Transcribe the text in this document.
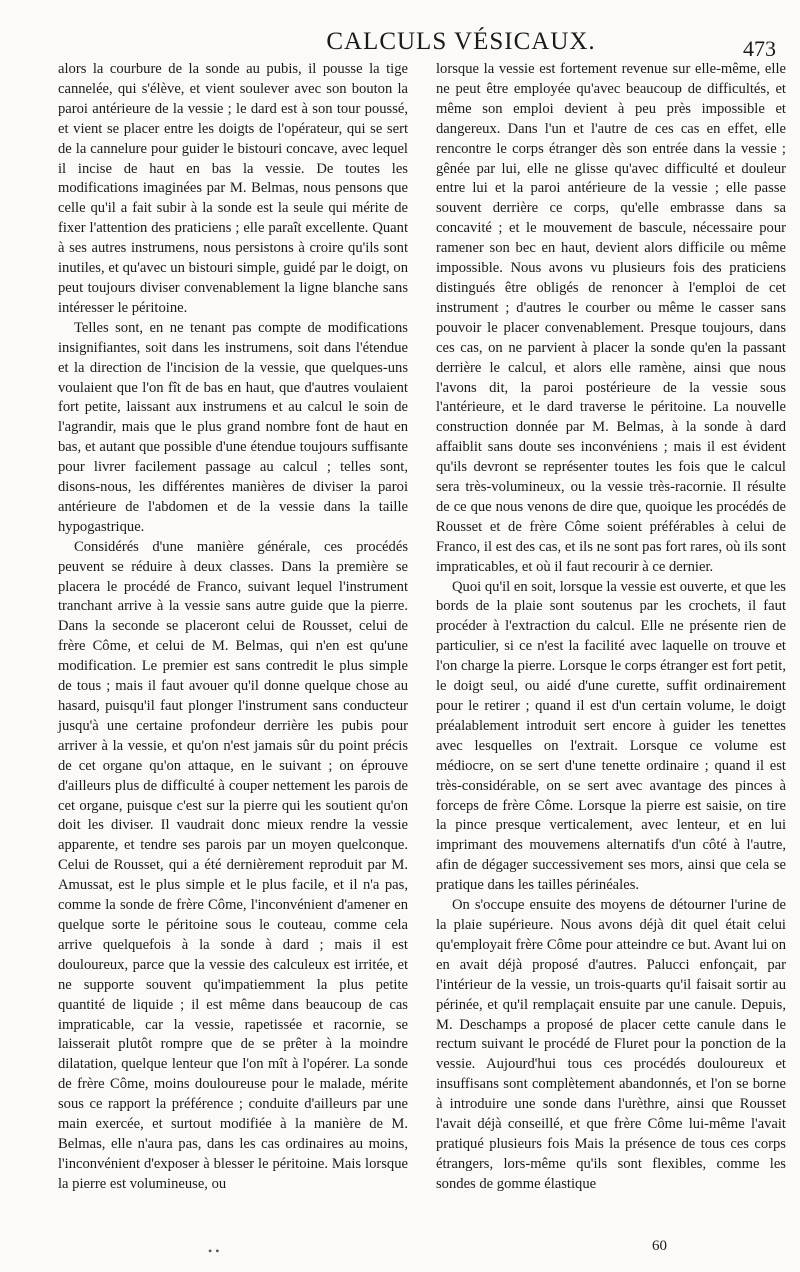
CALCULS VÉSICAUX.	473

alors la courbure de la sonde au pubis, il pousse la tige cannelée, qui s'élève, et vient soulever avec son bouton la paroi antérieure de la vessie ; le dard est à son tour poussé, et vient se placer entre les doigts de l'opérateur, qui se sert de la cannelure pour guider le bistouri concave, avec lequel il incise de haut en bas la vessie. De toutes les modifications imaginées par M. Belmas, nous pensons que celle qu'il a fait subir à la sonde est la seule qui mérite de fixer l'attention des praticiens ; elle paraît excellente. Quant à ses autres instrumens, nous persistons à croire qu'ils sont inutiles, et qu'avec un bistouri simple, guidé par le doigt, on peut toujours diviser convenablement la ligne blanche sans intéresser le péritoine.

Telles sont, en ne tenant pas compte de modifications insignifiantes, soit dans les instrumens, soit dans l'étendue et la direction de l'incision de la vessie, que quelques-uns voulaient que l'on fît de bas en haut, que d'autres voulaient fort petite, laissant aux instrumens et au calcul le soin de l'agrandir, mais que le plus grand nombre font de haut en bas, et autant que possible d'une étendue toujours suffisante pour livrer facilement passage au calcul ; telles sont, disons-nous, les différentes manières de diviser la paroi antérieure de l'abdomen et de la vessie dans la taille hypogastrique.

Considérés d'une manière générale, ces procédés peuvent se réduire à deux classes. Dans la première se placera le procédé de Franco, suivant lequel l'instrument tranchant arrive à la vessie sans autre guide que la pierre. Dans la seconde se placeront celui de Rousset, celui de frère Côme, et celui de M. Belmas, qui n'en est qu'une modification. Le premier est sans contredit le plus simple de tous ; mais il faut avouer qu'il donne quelque chose au hasard, puisqu'il faut plonger l'instrument sans conducteur jusqu'à une certaine profondeur derrière les pubis pour arriver à la vessie, et qu'on n'est jamais sûr du point précis de cet organe qu'on attaque, en le suivant ; on éprouve d'ailleurs plus de difficulté à couper nettement les parois de cet organe, puisque c'est sur la pierre qui les soutient qu'on doit les diviser. Il vaudrait donc mieux rendre la vessie apparente, et tendre ses parois par un moyen quelconque. Celui de Rousset, qui a été dernièrement reproduit par M. Amussat, est le plus simple et le plus facile, et il n'a pas, comme la sonde de frère Côme, l'inconvénient d'amener en quelque sorte le péritoine sous le couteau, comme cela arrive quelquefois à la sonde à dard ; mais il est douloureux, parce que la vessie des calculeux est irritée, et ne supporte souvent qu'impatiemment la plus petite quantité de liquide ; il est même dans beaucoup de cas impraticable, car la vessie, rapetissée et racornie, se laisserait plutôt rompre que de se prêter à la moindre dilatation, quelque lenteur que l'on mît à l'opérer. La sonde de frère Côme, moins douloureuse pour le malade, mérite sous ce rapport la préférence ; conduite d'ailleurs par une main exercée, et surtout modifiée à la manière de M. Belmas, elle n'aura pas, dans les cas ordinaires au moins, l'inconvénient d'exposer à blesser le péritoine. Mais lorsque la pierre est volumineuse, ou

lorsque la vessie est fortement revenue sur elle-même, elle ne peut être employée qu'avec beaucoup de difficultés, et même son emploi devient à peu près impossible et dangereux. Dans l'un et l'autre de ces cas en effet, elle rencontre le corps étranger dès son entrée dans la vessie ; gênée par lui, elle ne glisse qu'avec difficulté et douleur entre lui et la paroi antérieure de la vessie ; elle passe souvent derrière ce corps, qu'elle embrasse dans sa concavité ; et le mouvement de bascule, nécessaire pour ramener son bec en haut, devient alors difficile ou même impossible. Nous avons vu plusieurs fois des praticiens distingués être obligés de renoncer à l'emploi de cet instrument ; d'autres le courber ou même le casser sans pouvoir le placer convenablement. Presque toujours, dans ces cas, on ne parvient à placer la sonde qu'en la passant derrière le calcul, et alors elle ramène, ainsi que nous l'avons dit, la paroi postérieure de la vessie sous l'antérieure, et le dard traverse le péritoine. La nouvelle construction donnée par M. Belmas, à la sonde à dard affaiblit sans doute ses inconvéniens ; mais il est évident qu'ils devront se représenter toutes les fois que le calcul sera très-volumineux, ou la vessie très-racornie. Il résulte de ce que nous venons de dire que, quoique les procédés de Rousset et de frère Côme soient préférables à celui de Franco, il est des cas, et ils ne sont pas fort rares, où ils sont impraticables, et où il faut recourir à ce dernier.

Quoi qu'il en soit, lorsque la vessie est ouverte, et que les bords de la plaie sont soutenus par les crochets, il faut procéder à l'extraction du calcul. Elle ne présente rien de particulier, si ce n'est la facilité avec laquelle on trouve et l'on charge la pierre. Lorsque le corps étranger est fort petit, le doigt seul, ou aidé d'une curette, suffit ordinairement pour le retirer ; quand il est d'un certain volume, le doigt préalablement introduit sert encore à guider les tenettes avec lesquelles on l'extrait. Lorsque ce volume est médiocre, on se sert d'une tenette ordinaire ; quand il est très-considérable, on se sert avec avantage des pinces à forceps de frère Côme. Lorsque la pierre est saisie, on tire la pince presque verticalement, avec lenteur, et en lui imprimant des mouvemens alternatifs d'un côté à l'autre, afin de dégager successivement ses mors, ainsi que cela se pratique dans les tailles périnéales.

On s'occupe ensuite des moyens de détourner l'urine de la plaie supérieure. Nous avons déjà dit quel était celui qu'employait frère Côme pour atteindre ce but. Avant lui on en avait déjà proposé d'autres. Palucci enfonçait, par l'intérieur de la vessie, un trois-quarts qu'il faisait sortir au périnée, et qu'il remplaçait ensuite par une canule. Depuis, M. Deschamps a proposé de placer cette canule dans le rectum suivant le procédé de Fluret pour la ponction de la vessie. Aujourd'hui tous ces procédés douloureux et insuffisans sont complètement abandonnés, et l'on se borne à introduire une sonde dans l'urèthre, ainsi que Rousset l'avait déjà conseillé, et que frère Côme lui-même l'avait pratiqué plusieurs fois Mais la présence de tous ces corps étrangers, lors-même qu'ils sont flexibles, comme les sondes de gomme élastique

• •	60
